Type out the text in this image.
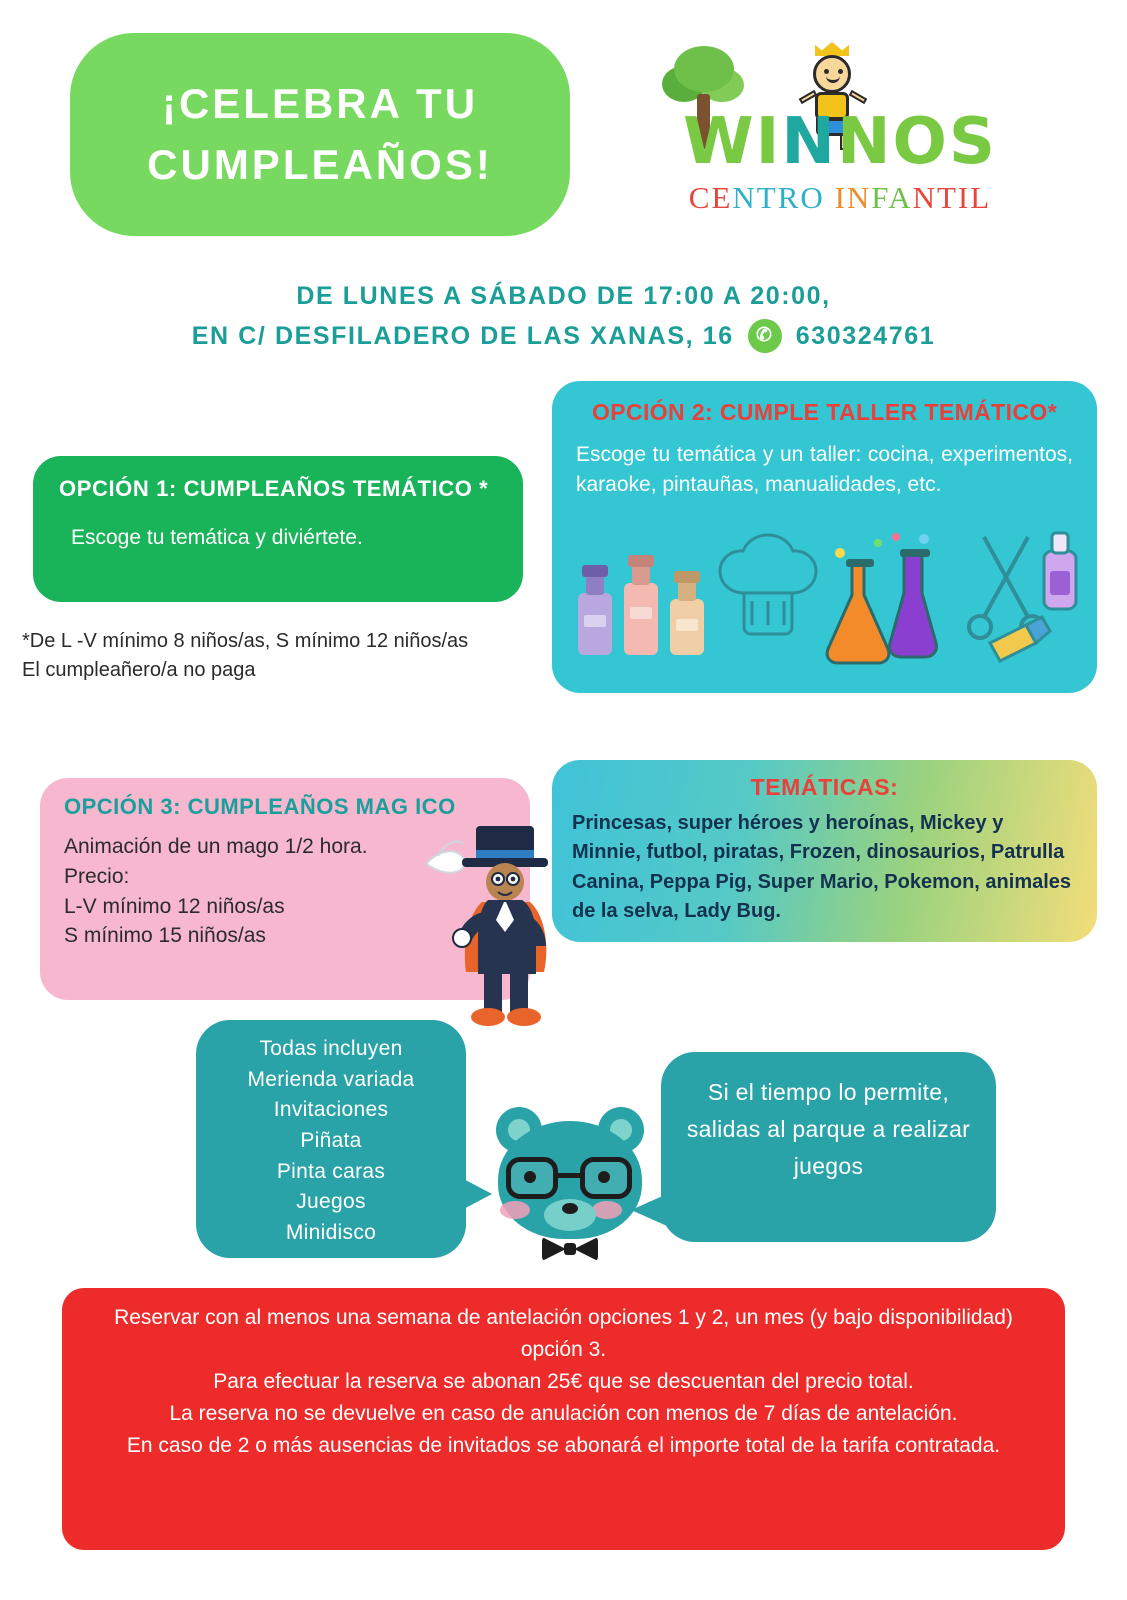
¡CELEBRA TU
CUMPLEAÑOS!	WINNOS
CENTRO INFANTIL
DE LUNES A SÁBADO DE 17:00 A 20:00,
EN C/ DESFILADERO DE LAS XANAS, 16	✆ 630324761
OPCIÓN 1: CUMPLEAÑOS TEMÁTICO *
Escoge tu temática y diviértete.
*De L -V mínimo 8 niños/as, S mínimo 12 niños/as
El cumpleañero/a no paga
OPCIÓN 2: CUMPLE TALLER TEMÁTICO*
Escoge tu temática y un taller: cocina, experimentos, karaoke, pintauñas, manualidades, etc.
OPCIÓN 3: CUMPLEAÑOS MAG ICO
Animación de un mago 1/2 hora.
Precio:
L-V mínimo 12 niños/as
S mínimo 15 niños/as
TEMÁTICAS:
Princesas, super héroes y heroínas, Mickey y Minnie, futbol, piratas, Frozen, dinosaurios, Patrulla Canina, Peppa Pig, Super Mario, Pokemon, animales de la selva, Lady Bug.
Todas incluyen
Merienda variada
Invitaciones
Piñata
Pinta caras
Juegos
Minidisco
Si el tiempo lo permite, salidas al parque a realizar juegos

Reservar con al menos una semana de antelación opciones 1 y 2, un mes (y bajo disponibilidad) opción 3.

Para efectuar la reserva se abonan 25€ que se descuentan del precio total.

La reserva no se devuelve en caso de anulación con menos de 7 días de antelación.

En caso de 2 o más ausencias de invitados se abonará el importe total de la tarifa contratada.
